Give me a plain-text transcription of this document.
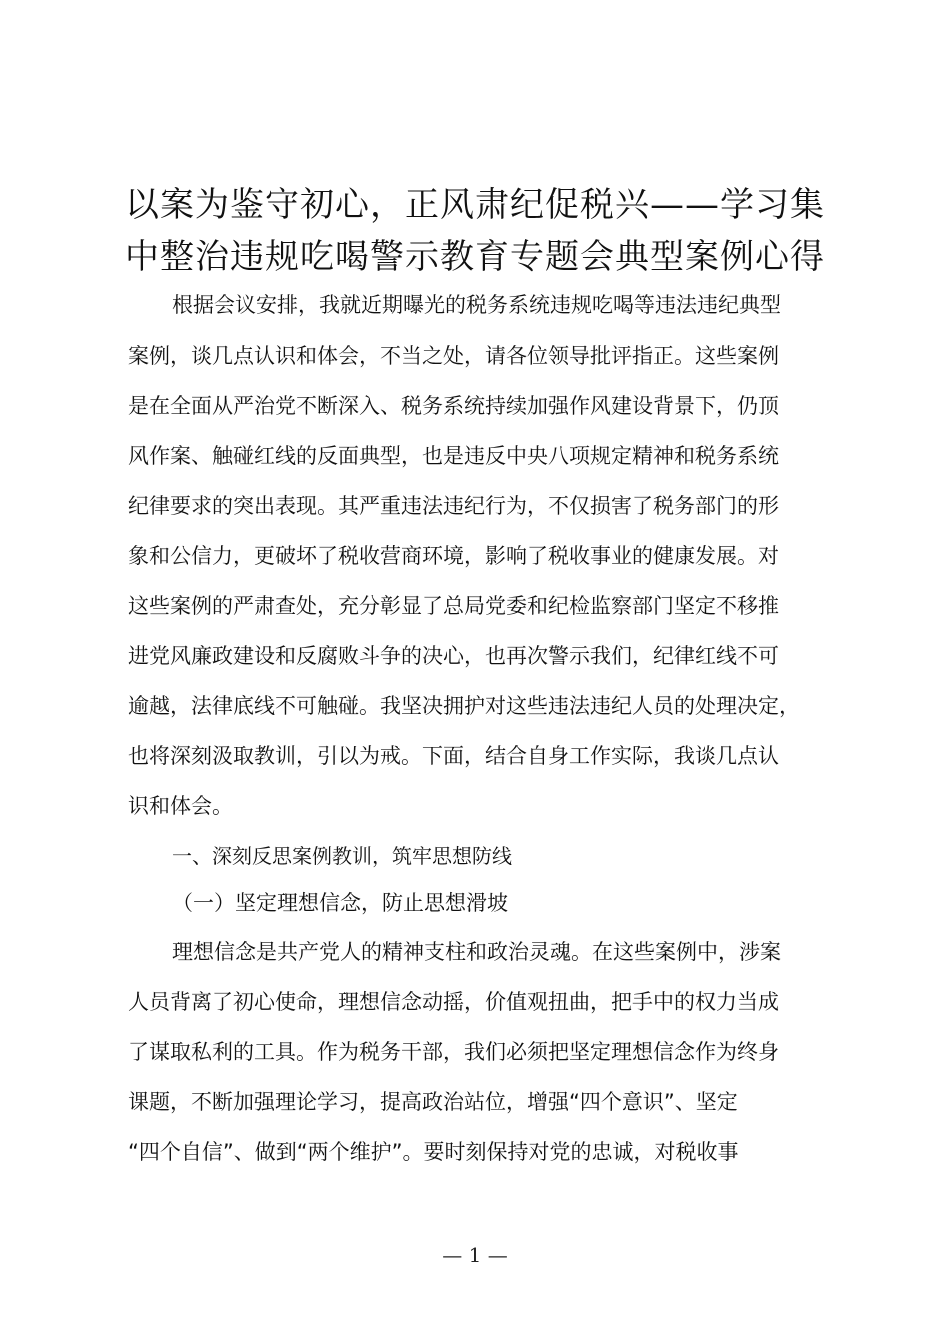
以案为鉴守初心，正风肃纪促税兴——学习集
中整治违规吃喝警示教育专题会典型案例心得
根据会议安排，我就近期曝光的税务系统违规吃喝等违法违纪典型
案例，谈几点认识和体会，不当之处，请各位领导批评指正。这些案例
是在全面从严治党不断深入、税务系统持续加强作风建设背景下，仍顶
风作案、触碰红线的反面典型，也是违反中央八项规定精神和税务系统
纪律要求的突出表现。其严重违法违纪行为，不仅损害了税务部门的形
象和公信力，更破坏了税收营商环境，影响了税收事业的健康发展。对
这些案例的严肃查处，充分彰显了总局党委和纪检监察部门坚定不移推
进党风廉政建设和反腐败斗争的决心，也再次警示我们，纪律红线不可
逾越，法律底线不可触碰。我坚决拥护对这些违法违纪人员的处理决定，
也将深刻汲取教训，引以为戒。下面，结合自身工作实际，我谈几点认
识和体会。
一、深刻反思案例教训，筑牢思想防线
（一）坚定理想信念，防止思想滑坡
理想信念是共产党人的精神支柱和政治灵魂。在这些案例中，涉案
人员背离了初心使命，理想信念动摇，价值观扭曲，把手中的权力当成
了谋取私利的工具。作为税务干部，我们必须把坚定理想信念作为终身
课题，不断加强理论学习，提高政治站位，增强“四个意识”、坚定
“四个自信”、做到“两个维护”。要时刻保持对党的忠诚，对税收事
— 1 —
